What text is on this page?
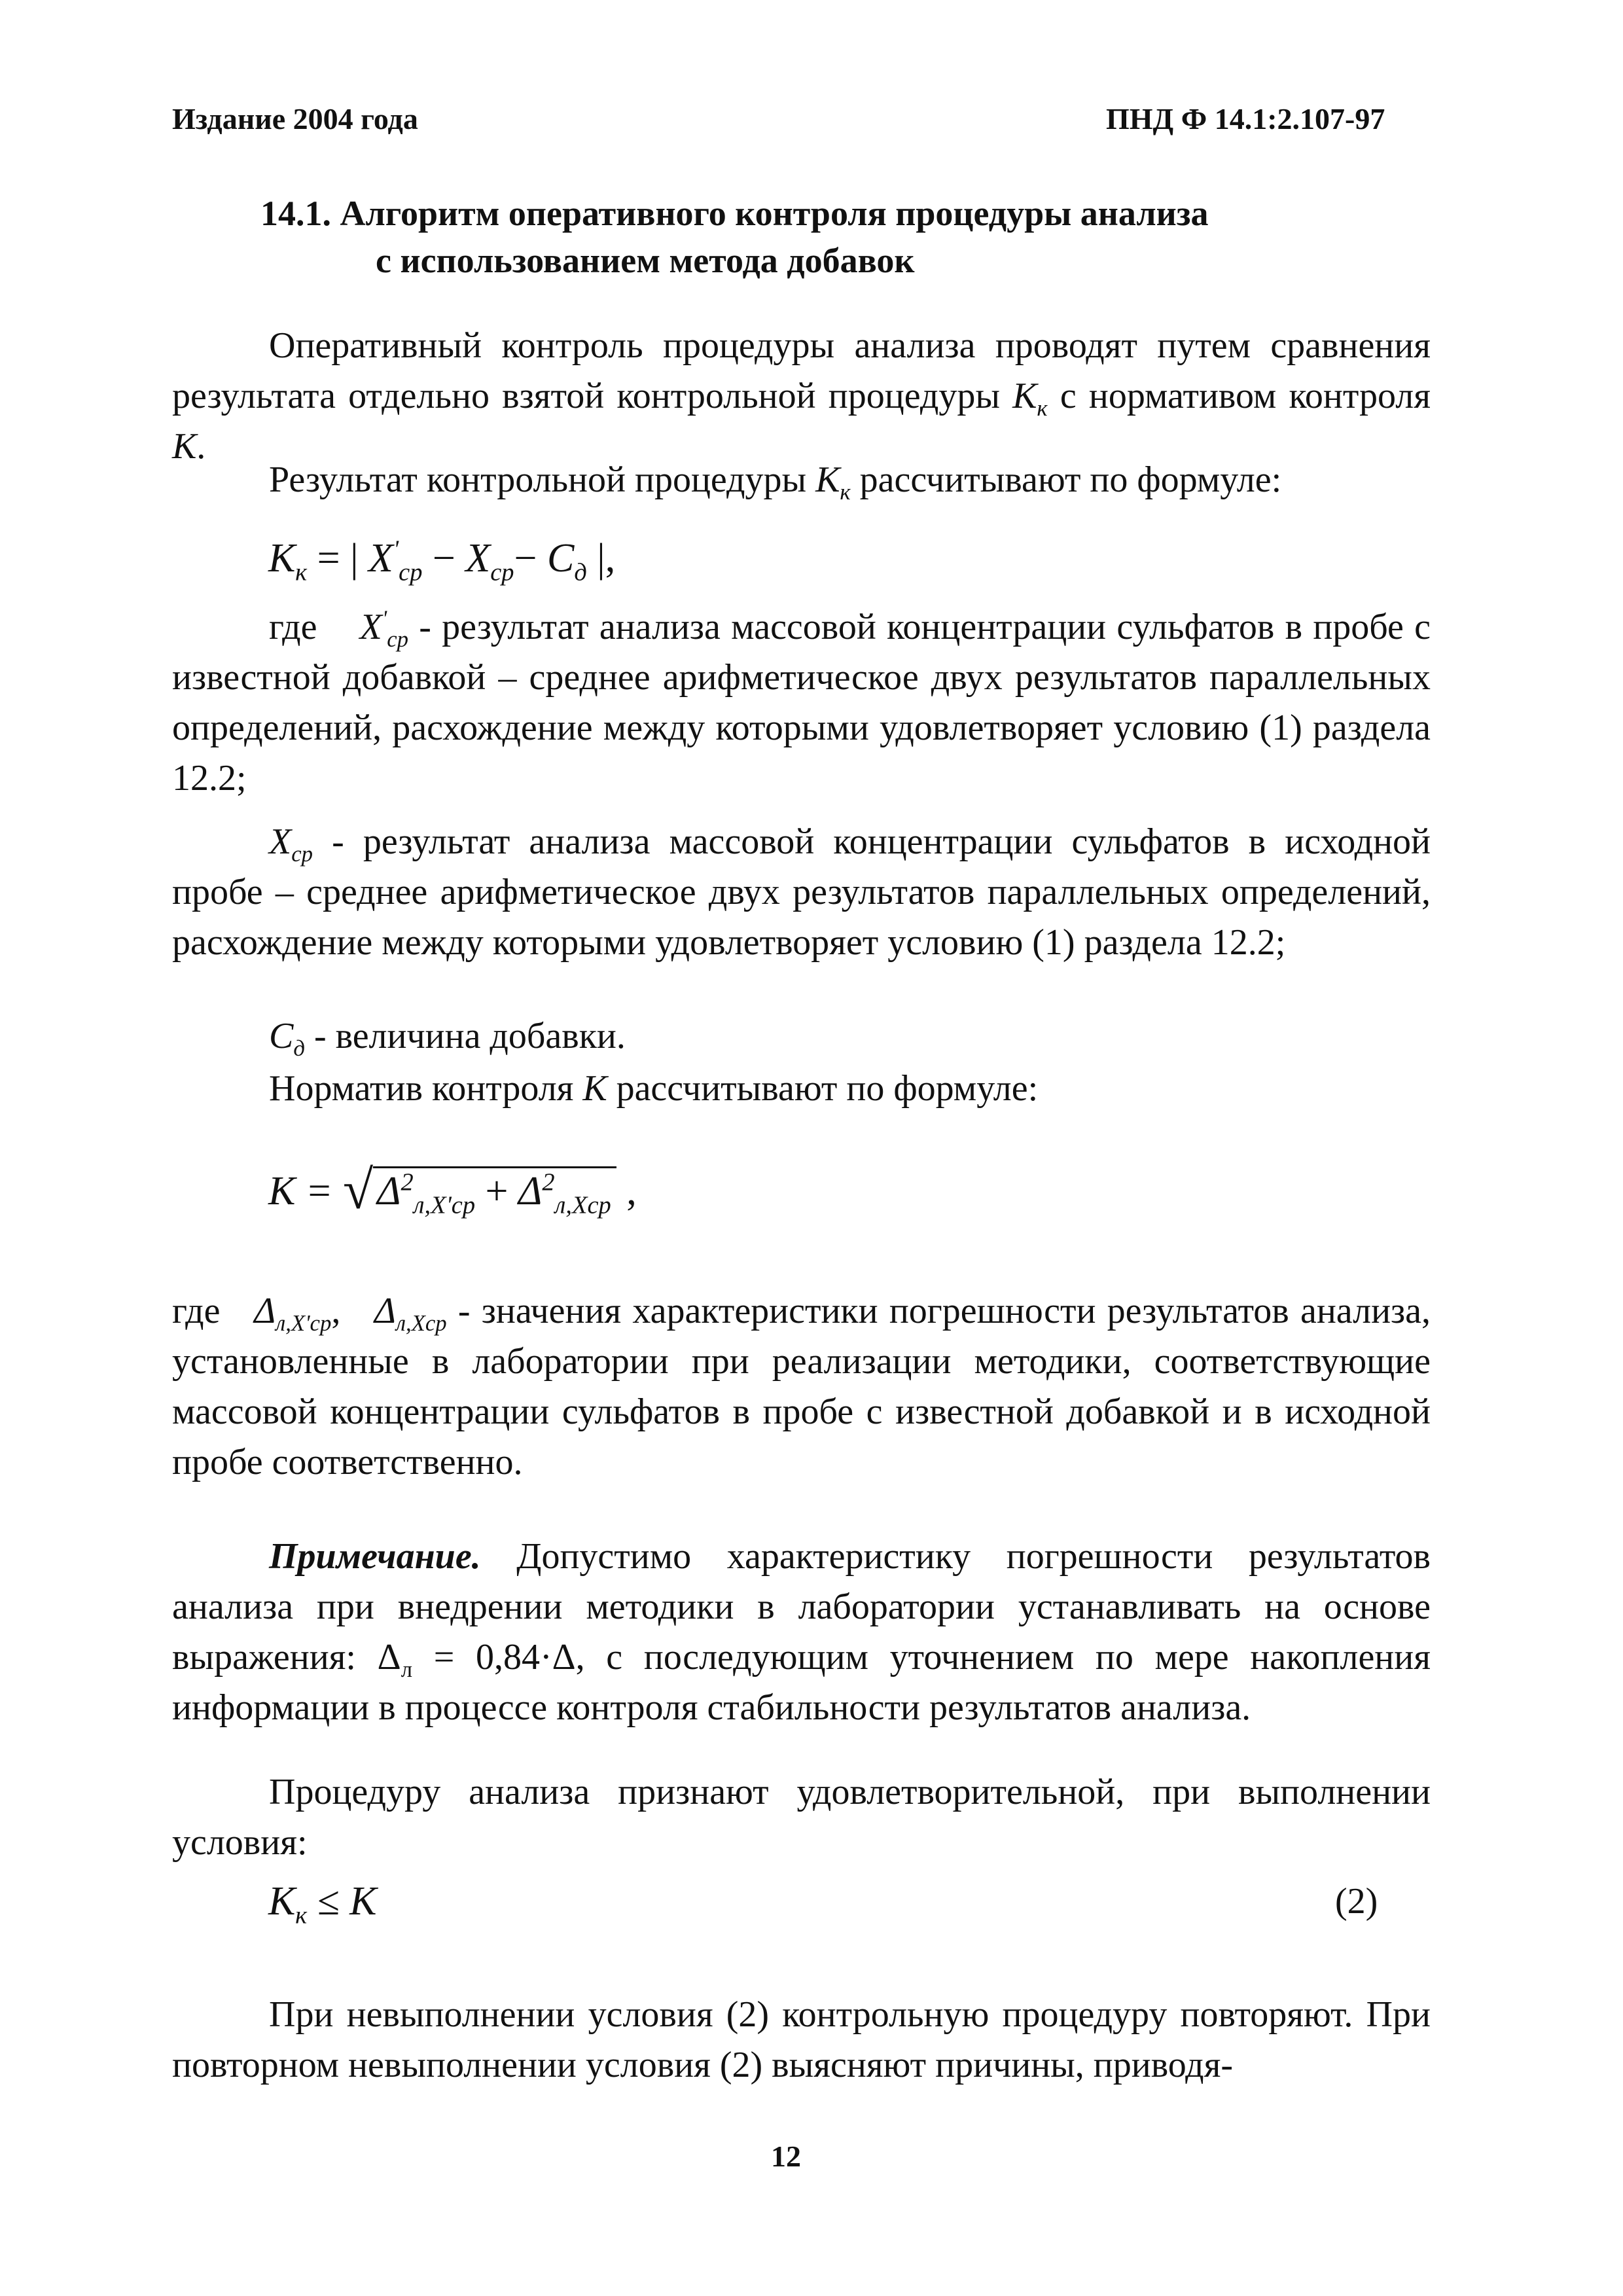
Издание 2004 года	ПНД Ф 14.1:2.107-97
14.1. Алгоритм оперативного контроля процедуры анализа
с использованием метода добавок

Оперативный контроль процедуры анализа проводят путем сравнения результата отдельно взятой контрольной процедуры $К_к$ с нормативом контроля К.

Результат контрольной процедуры $К_к$ рассчитывают по формуле:

$К_к$ = | $X'_{ср} - X_{ср}- C_д$ |,

где $X'_{ср}$ - результат анализа массовой концентрации сульфатов в пробе с известной добавкой – среднее арифметическое двух результатов параллельных определений, расхождение между которыми удовлетворяет условию (1) раздела 12.2;

$X_{ср}$ - результат анализа массовой концентрации сульфатов в исходной пробе – среднее арифметическое двух результатов параллельных определений, расхождение между которыми удовлетворяет условию (1) раздела 12.2;

$C_д$ - величина добавки.

Норматив контроля К рассчитывают по формуле:

$К = √\Delta^2_{л,X'ср} + \Delta^2_{л,Xср}$ ,

где $\Delta_{л,X'ср}$,   $\Delta_{л,Xср}$ - значения характеристики погрешности результатов анализа, установленные в лаборатории при реализации методики, соответствующие массовой концентрации сульфатов в пробе с известной добавкой и в исходной пробе соответственно.

Примечание. Допустимо характеристику погрешности результатов анализа при внедрении методики в лаборатории устанавливать на основе выражения: $\Delta_л = 0,84\cdot\Delta$, с последующим уточнением по мере накопления информации в процессе контроля стабильности результатов анализа.

Процедуру анализа признают удовлетворительной, при выполнении условия:

$К_к \le К$	(2)

При невыполнении условия (2) контрольную процедуру повторяют. При повторном невыполнении условия (2) выясняют причины, приводя-

12
